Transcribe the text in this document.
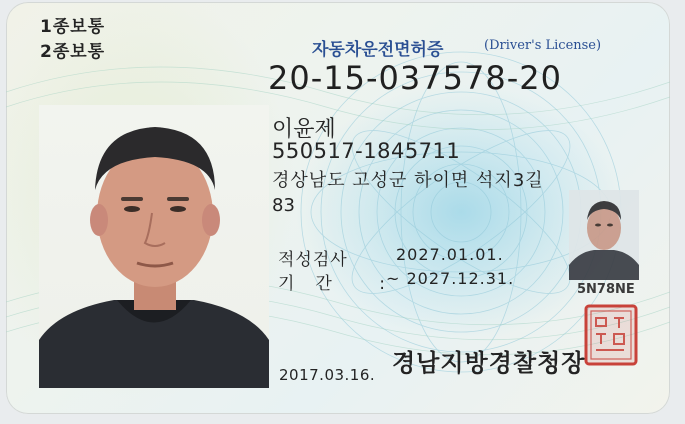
1종보통
2종보통	자동차운전면허증	(Driver's License)
20-15-037578-20
이윤제
550517-1845711
경상남도 고성군 하이면 석지3길
83
적성검사	2027.01.01.
기간 :
~ 2027.12.31.
5N78NE
2017.03.16. 경남지방경찰청장
